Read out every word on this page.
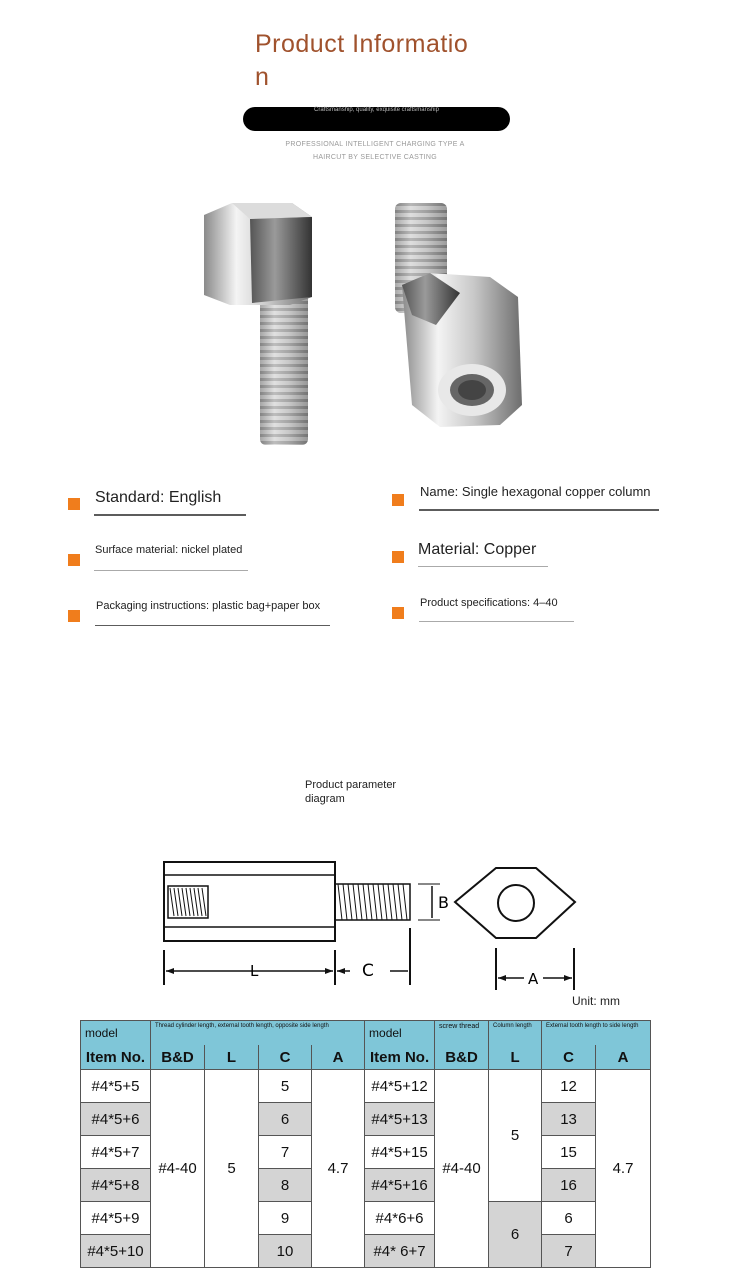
Product Informatio
n
Craftsmanship, quality, exquisite craftsmanship
PROFESSIONAL INTELLIGENT CHARGING TYPE A
HAIRCUT BY SELECTIVE CASTING
Standard: English	Name: Single hexagonal copper column
Surface material: nickel plated	Material: Copper
Packaging instructions: plastic bag+paper box	Product specifications: 4–40
Product parameter
diagram
B
L	C	A
Unit: mm
model	Thread cylinder length, external tooth length, opposite side length				model	screw thread	Column length	External tooth length to side length	
Item No.	B&D	L	C	A	Item No.	B&D	L	C	A
#4*5+5	#4-40	5	5	4.7	#4*5+12	#4-40	5	12	4.7
#4*5+6			6		#4*5+13			13	
#4*5+7			7		#4*5+15			15	
#4*5+8			8		#4*5+16			16	
#4*5+9			9		#4*6+6		6	6	
#4*5+10			10		#4* 6+7			7	
